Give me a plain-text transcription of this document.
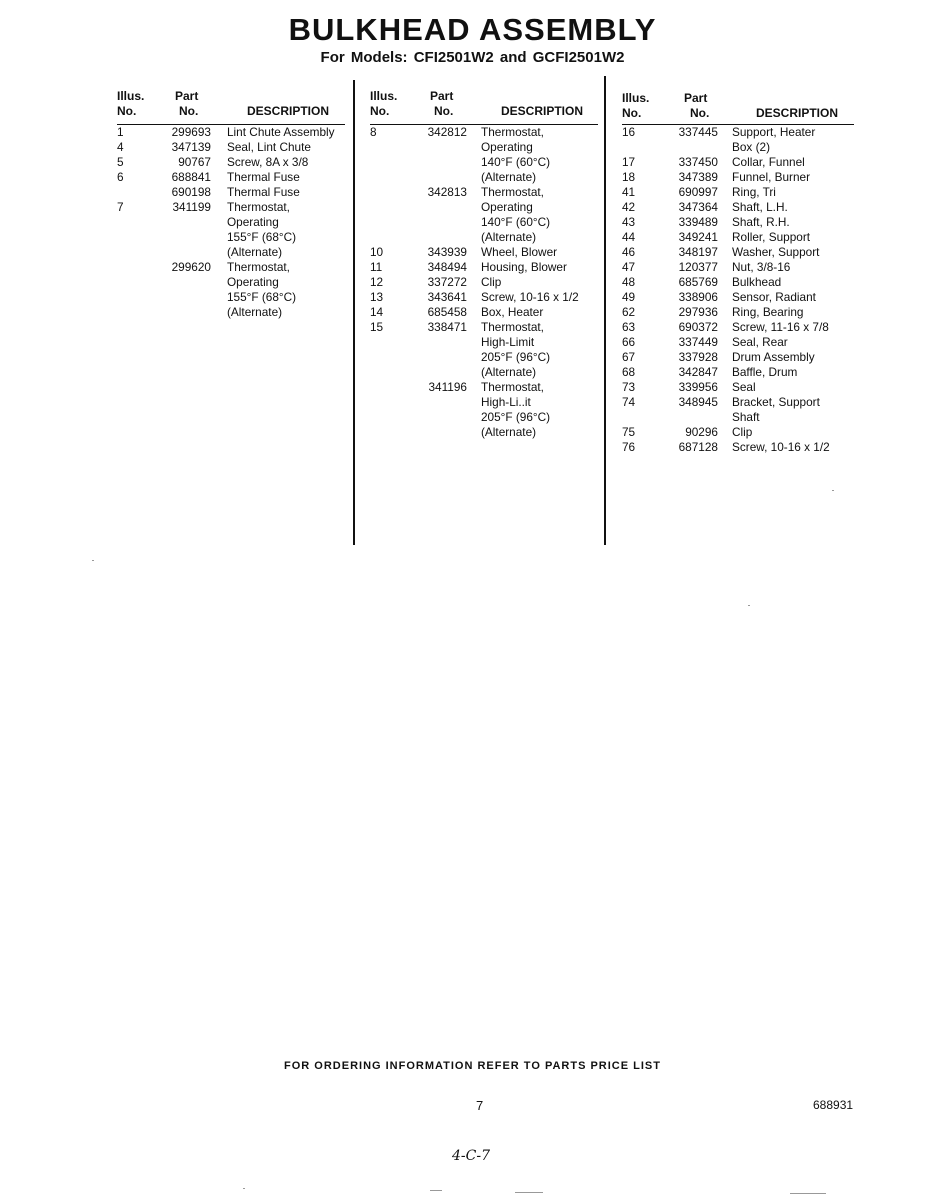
BULKHEAD ASSEMBLY
For Models: CFI2501W2 and GCFI2501W2
Illus.
No.
Part
No.	DESCRIPTION
1	299693 Lint Chute Assembly
4	347139 Seal, Lint Chute
5	90767 Screw, 8A x 3/8
6	688841 Thermal Fuse
690198 Thermal Fuse
7	341199 Thermostat,
Operating
155°F (68°C)
(Alternate)
299620 Thermostat,
Operating
155°F (68°C)
(Alternate)
Illus.
No.
Part
No.	DESCRIPTION
8	342812 Thermostat,
Operating
140°F (60°C)
(Alternate)
342813 Thermostat,
Operating
140°F (60°C)
(Alternate)
10	343939 Wheel, Blower
11	348494 Housing, Blower
12	337272 Clip
13	343641 Screw, 10-16 x 1/2
14	685458 Box, Heater
15	338471 Thermostat,
High-Limit
205°F (96°C)
(Alternate)
341196 Thermostat,
High-Li..it
205°F (96°C)
(Alternate)
Illus.
No.
Part
No.	DESCRIPTION
16	337445 Support, Heater
Box (2)
17	337450 Collar, Funnel
18	347389 Funnel, Burner
41	690997 Ring, Tri
42	347364 Shaft, L.H.
43	339489 Shaft, R.H.
44	349241 Roller, Support
46	348197 Washer, Support
47	120377 Nut, 3/8-16
48	685769 Bulkhead
49	338906 Sensor, Radiant
62	297936 Ring, Bearing
63	690372 Screw, 11-16 x 7/8
66	337449 Seal, Rear
67	337928 Drum Assembly
68	342847 Baffle, Drum
73	339956 Seal
74	348945 Bracket, Support
Shaft
75	90296 Clip
76	687128 Screw, 10-16 x 1/2
FOR ORDERING INFORMATION REFER TO PARTS PRICE LIST
7	688931
4-C-7
